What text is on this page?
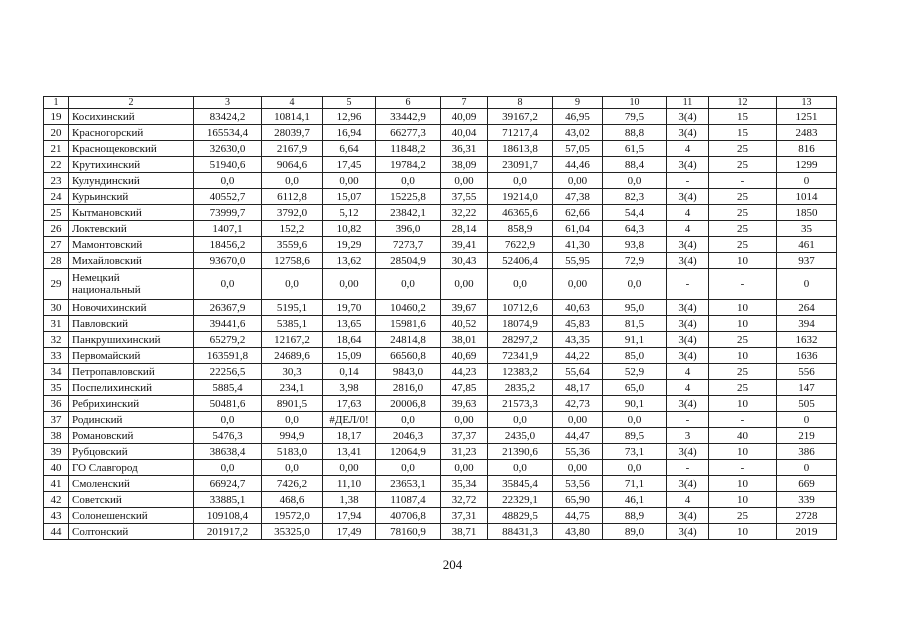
1	2	3	4	5	6	7	8	9	10	11	12	13
19	Косихинский	83424,2	10814,1	12,96	33442,9	40,09	39167,2	46,95	79,5	3(4)	15	1251
20	Красногорский	165534,4	28039,7	16,94	66277,3	40,04	71217,4	43,02	88,8	3(4)	15	2483
21	Краснощековский	32630,0	2167,9	6,64	11848,2	36,31	18613,8	57,05	61,5	4	25	816
22	Крутихинский	51940,6	9064,6	17,45	19784,2	38,09	23091,7	44,46	88,4	3(4)	25	1299
23	Кулундинский	0,0	0,0	0,00	0,0	0,00	0,0	0,00	0,0	-	-	0
24	Курьинский	40552,7	6112,8	15,07	15225,8	37,55	19214,0	47,38	82,3	3(4)	25	1014
25	Кытмановский	73999,7	3792,0	5,12	23842,1	32,22	46365,6	62,66	54,4	4	25	1850
26	Локтевский	1407,1	152,2	10,82	396,0	28,14	858,9	61,04	64,3	4	25	35
27	Мамонтовский	18456,2	3559,6	19,29	7273,7	39,41	7622,9	41,30	93,8	3(4)	25	461
28	Михайловский	93670,0	12758,6	13,62	28504,9	30,43	52406,4	55,95	72,9	3(4)	10	937
29	Немецкий национальный	0,0	0,0	0,00	0,0	0,00	0,0	0,00	0,0	-	-	0
30	Новочихинский	26367,9	5195,1	19,70	10460,2	39,67	10712,6	40,63	95,0	3(4)	10	264
31	Павловский	39441,6	5385,1	13,65	15981,6	40,52	18074,9	45,83	81,5	3(4)	10	394
32	Панкрушихинский	65279,2	12167,2	18,64	24814,8	38,01	28297,2	43,35	91,1	3(4)	25	1632
33	Первомайский	163591,8	24689,6	15,09	66560,8	40,69	72341,9	44,22	85,0	3(4)	10	1636
34	Петропавловский	22256,5	30,3	0,14	9843,0	44,23	12383,2	55,64	52,9	4	25	556
35	Поспелихинский	5885,4	234,1	3,98	2816,0	47,85	2835,2	48,17	65,0	4	25	147
36	Ребрихинский	50481,6	8901,5	17,63	20006,8	39,63	21573,3	42,73	90,1	3(4)	10	505
37	Родинский	0,0	0,0	#ДЕЛ/0!	0,0	0,00	0,0	0,00	0,0	-	-	0
38	Романовский	5476,3	994,9	18,17	2046,3	37,37	2435,0	44,47	89,5	3	40	219
39	Рубцовский	38638,4	5183,0	13,41	12064,9	31,23	21390,6	55,36	73,1	3(4)	10	386
40	ГО Славгород	0,0	0,0	0,00	0,0	0,00	0,0	0,00	0,0	-	-	0
41	Смоленский	66924,7	7426,2	11,10	23653,1	35,34	35845,4	53,56	71,1	3(4)	10	669
42	Советский	33885,1	468,6	1,38	11087,4	32,72	22329,1	65,90	46,1	4	10	339
43	Солонешенский	109108,4	19572,0	17,94	40706,8	37,31	48829,5	44,75	88,9	3(4)	25	2728
44	Солтонский	201917,2	35325,0	17,49	78160,9	38,71	88431,3	43,80	89,0	3(4)	10	2019
204
